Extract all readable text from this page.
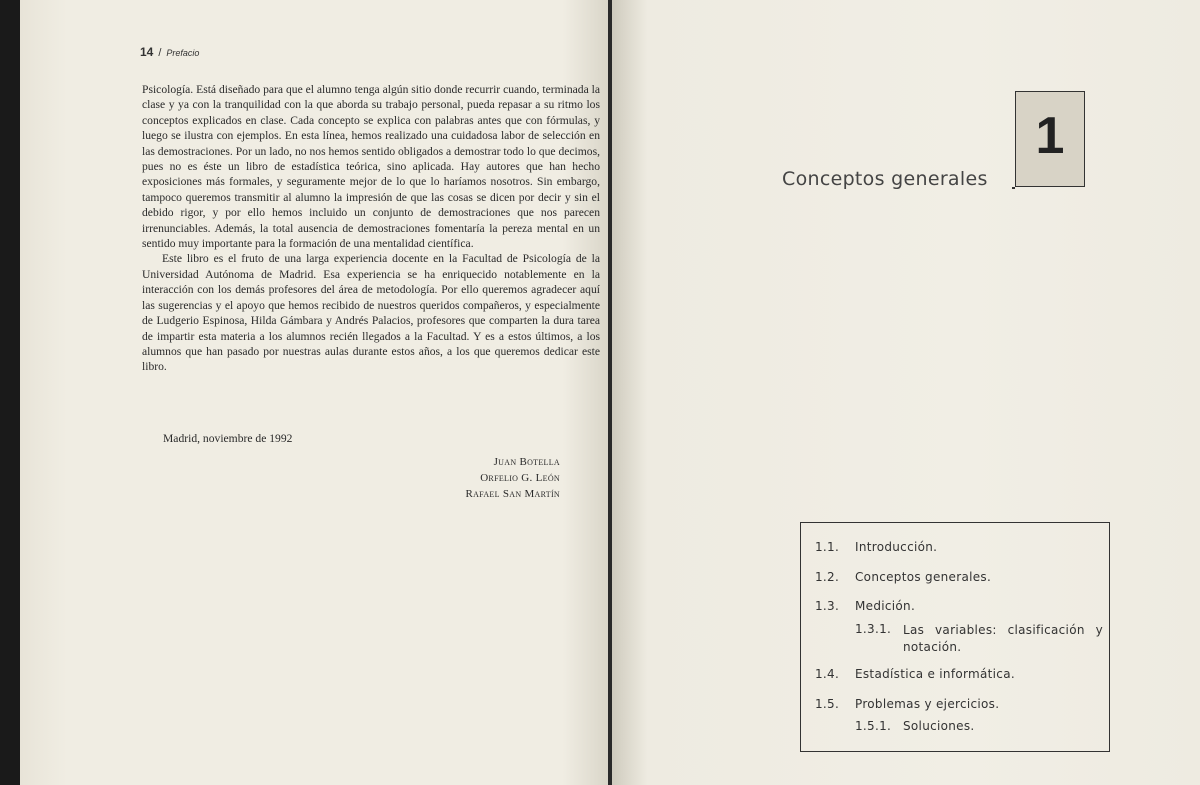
14 / Prefacio

Psicología. Está diseñado para que el alumno tenga algún sitio donde recurrir cuando, terminada la clase y ya con la tranquilidad con la que aborda su trabajo personal, pueda repasar a su ritmo los conceptos explicados en clase. Cada concepto se explica con palabras antes que con fórmulas, y luego se ilustra con ejemplos. En esta línea, hemos realizado una cuidadosa labor de selección en las demostraciones. Por un lado, no nos hemos sentido obligados a demostrar todo lo que decimos, pues no es éste un libro de estadística teórica, sino aplicada. Hay autores que han hecho exposiciones más formales, y seguramente mejor de lo que lo haríamos nosotros. Sin embargo, tampoco queremos transmitir al alumno la impresión de que las cosas se dicen por decir y sin el debido rigor, y por ello hemos incluido un conjunto de demostraciones que nos parecen irrenunciables. Además, la total ausencia de demostraciones fomentaría la pereza mental en un sentido muy importante para la formación de una mentalidad científica.

Este libro es el fruto de una larga experiencia docente en la Facultad de Psicología de la Universidad Autónoma de Madrid. Esa experiencia se ha enriquecido notablemente en la interacción con los demás profesores del área de metodología. Por ello queremos agradecer aquí las sugerencias y el apoyo que hemos recibido de nuestros queridos compañeros, y especialmente de Ludgerio Espinosa, Hilda Gámbara y Andrés Palacios, profesores que comparten la dura tarea de impartir esta materia a los alumnos recién llegados a la Facultad. Y es a estos últimos, a los alumnos que han pasado por nuestras aulas durante estos años, a los que queremos dedicar este libro.

Madrid, noviembre de 1992
Juan Botella
Orfelio G. León
Rafael San Martín
Conceptos generales
1
1.1. Introducción.
1.2. Conceptos generales.
1.3. Medición.
1.3.1. Las variables: clasificación y notación.
1.4. Estadística e informática.
1.5. Problemas y ejercicios.
1.5.1. Soluciones.
